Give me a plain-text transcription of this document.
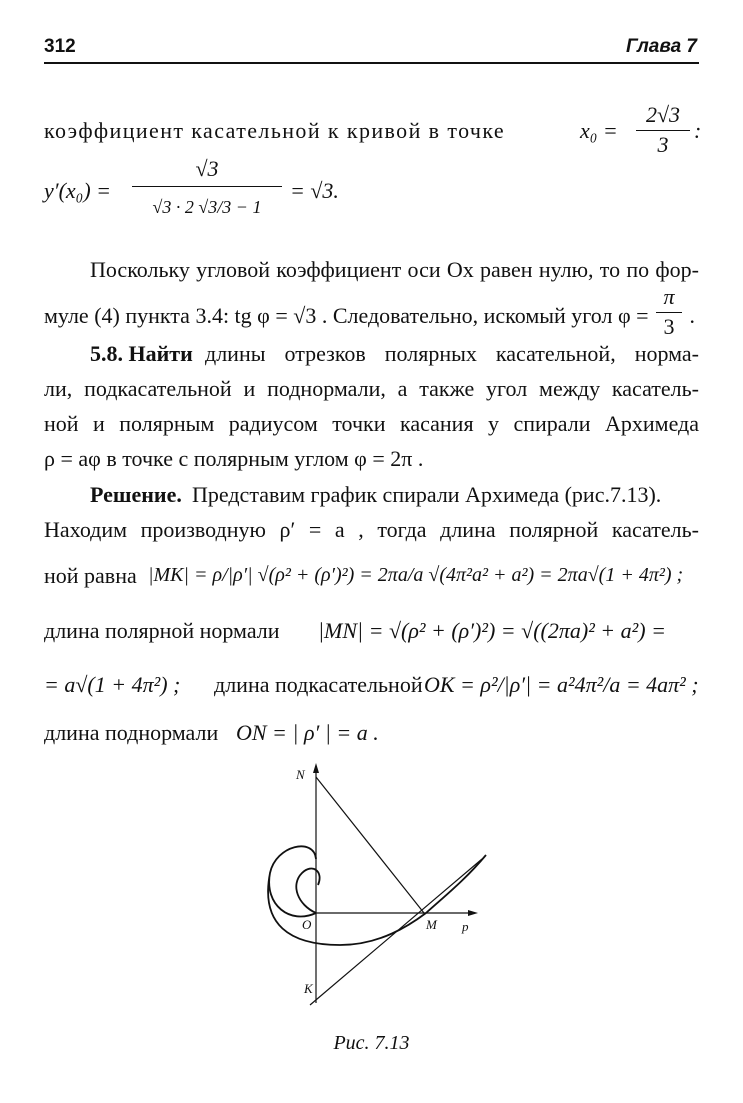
312	Глава 7
коэффициент касательной к кривой в точке	x₀ =
2√3
3
:
y′(x₀) =
√3
√3 · 2 √3/3 − 1
= √3.
Поскольку угловой коэффициент оси Ox равен нулю, то по фор-
муле (4) пункта 3.4: tg φ = √3 . Следовательно, искомый угол φ =
π
3 .
5.8. Найти длины отрезков полярных касательной, норма-
ли, подкасательной и поднормали, а также угол между касатель-
ной и полярным радиусом точки касания у спирали Архимеда
ρ = aφ в точке с полярным углом φ = 2π .
Решение. Представим график спирали Архимеда (рис.7.13).
Находим производную ρ′ = a , тогда длина полярной касатель-
ной равна |MK| = ρ/|ρ′| √(ρ² + (ρ′)²) = 2πa/a √(4π²a² + a²) = 2πa√(1 + 4π²) ;
длина полярной нормали |MN| = √(ρ² + (ρ′)²) = √((2πa)² + a²) =
= a√(1 + 4π²) ; длина подкасательной OK = ρ²/|ρ′| = a²4π²/a = 4aπ² ;
длина поднормали ON = | ρ′ | = a .
N
O	M p
K
Рис. 7.13
